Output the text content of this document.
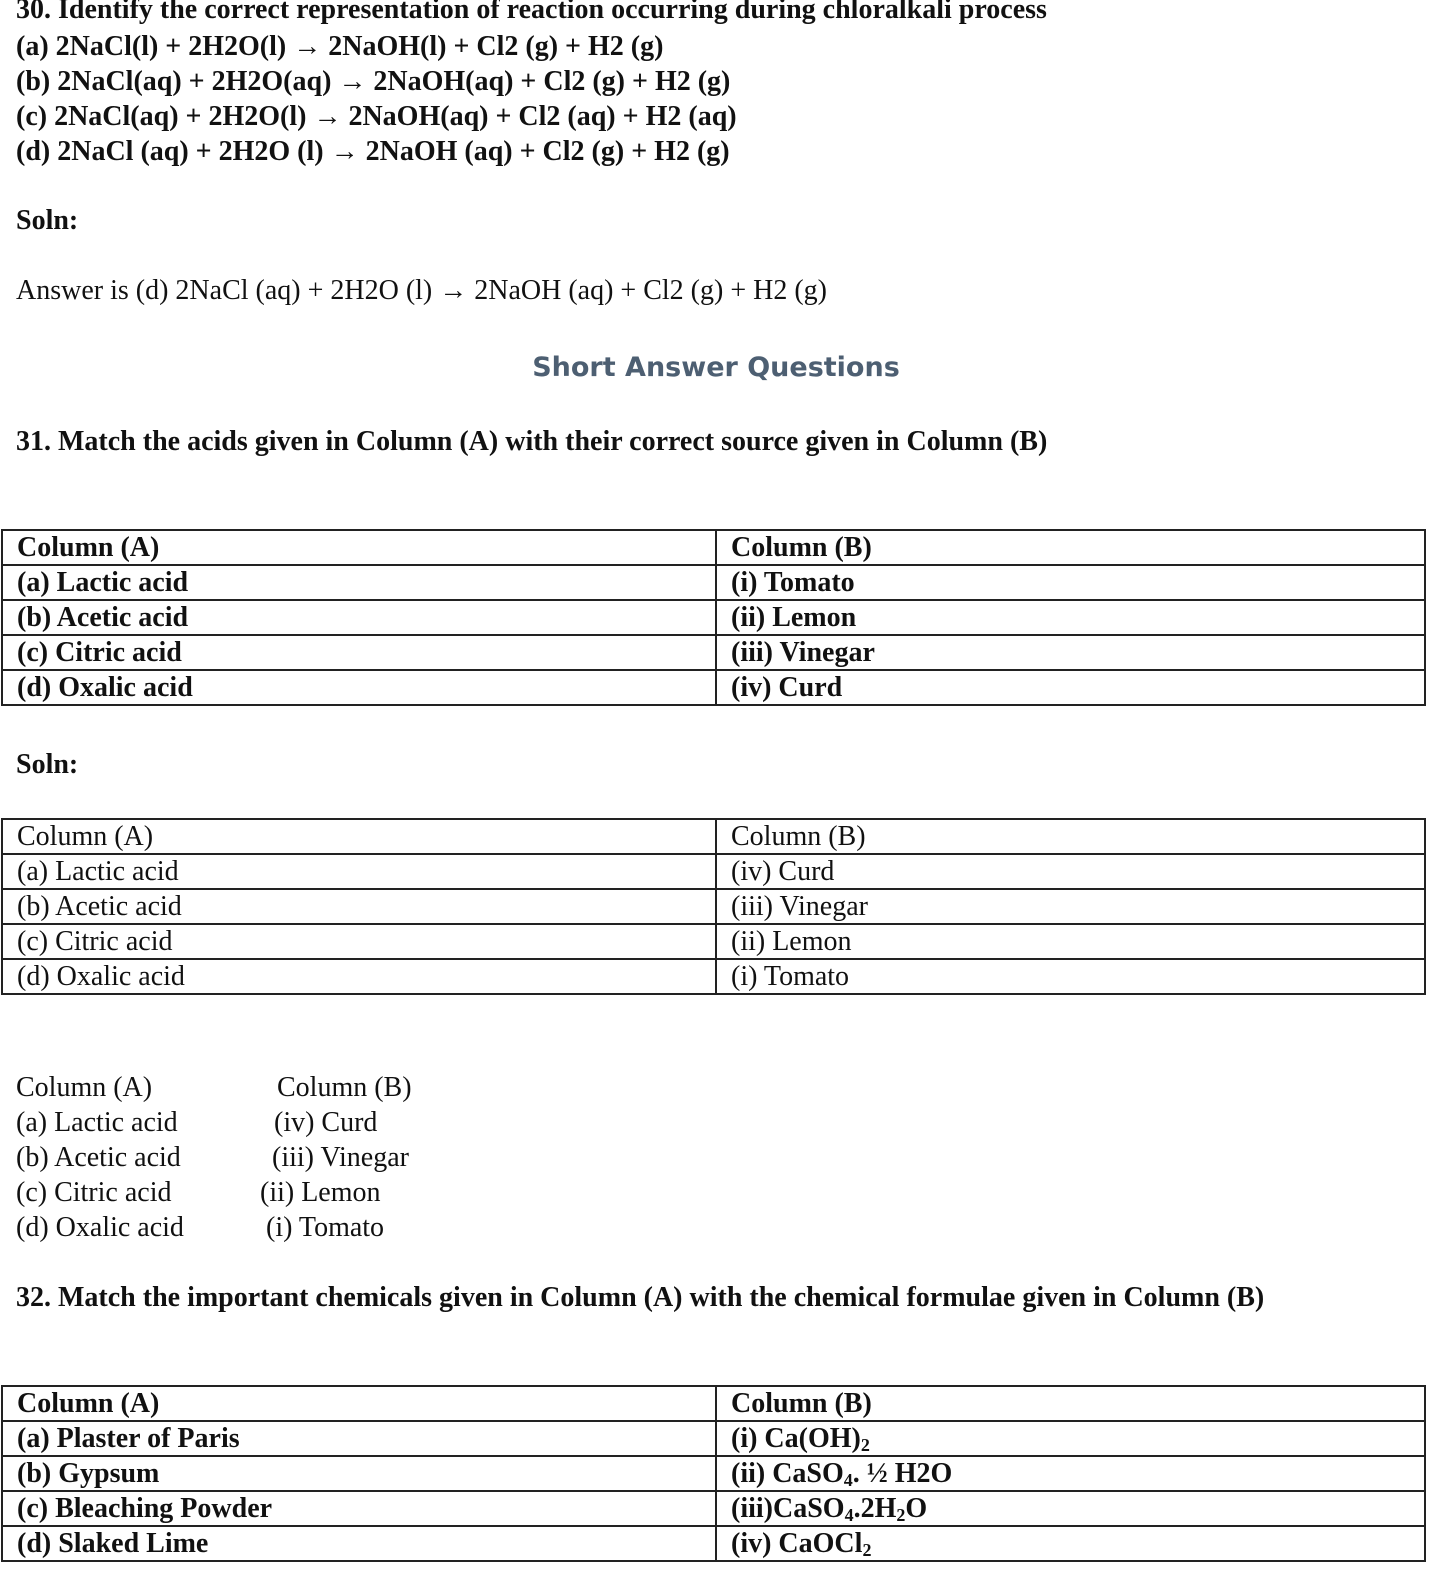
30. Identify the correct representation of reaction occurring during chloralkali process
(a) 2NaCl(l) + 2H2O(l) → 2NaOH(l) + Cl2 (g) + H2 (g)
(b) 2NaCl(aq) + 2H2O(aq) → 2NaOH(aq) + Cl2 (g) + H2 (g)
(c) 2NaCl(aq) + 2H2O(l) → 2NaOH(aq) + Cl2 (aq) + H2 (aq)
(d) 2NaCl (aq) + 2H2O (l) → 2NaOH (aq) + Cl2 (g) + H2 (g)
Soln:
Answer is (d) 2NaCl (aq) + 2H2O (l) → 2NaOH (aq) + Cl2 (g) + H2 (g)
Short Answer Questions
31. Match the acids given in Column (A) with their correct source given in Column (B)
Column (A)	Column (B)
(a) Lactic acid	(i) Tomato
(b) Acetic acid	(ii) Lemon
(c) Citric acid	(iii) Vinegar
(d) Oxalic acid	(iv) Curd
Soln:
Column (A)	Column (B)
(a) Lactic acid	(iv) Curd
(b) Acetic acid	(iii) Vinegar
(c) Citric acid	(ii) Lemon
(d) Oxalic acid	(i) Tomato
Column (A)	Column (B)
(a) Lactic acid	(iv) Curd
(b) Acetic acid	(iii) Vinegar
(c) Citric acid	(ii) Lemon
(d) Oxalic acid	(i) Tomato
32. Match the important chemicals given in Column (A) with the chemical formulae given in Column (B)
Column (A)	Column (B)
(a) Plaster of Paris	(i) $Ca(OH)_2$
(b) Gypsum	(ii) CaSO$_4$. ½ H2O
(c) Bleaching Powder	$(iii)CaSO_4.2H_2O$
(d) Slaked Lime	(iv) CaOCl$_2$
